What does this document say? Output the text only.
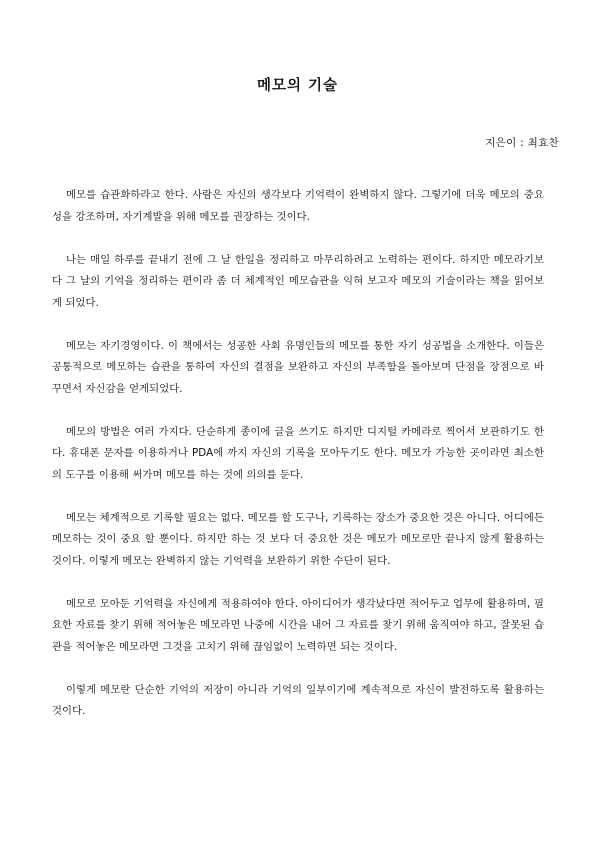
메모의 기술
지은이 : 최효찬

메모를 습관화하라고 한다. 사람은 자신의 생각보다 기억력이 완벽하지 않다. 그렇기에 더욱 메모의 중요성을 강조하며, 자기계발을 위해 메모를 권장하는 것이다.

나는 매일 하루를 끝내기 전에 그 날 한일을 정리하고 마무리하려고 노력하는 편이다. 하지만 메모라기보다 그 날의 기억을 정리하는 편이라 좀 더 체계적인 메모습관을 익혀 보고자 메모의 기술이라는 책을 읽어보게 되었다.

메모는 자기경영이다. 이 책에서는 성공한 사회 유명인들의 메모를 통한 자기 성공법을 소개한다. 이들은 공통적으로 메모하는 습관을 통하여 자신의 결점을 보완하고 자신의 부족함을 돌아보며 단점을 장점으로 바꾸면서 자신감을 얻게되었다.

메모의 방법은 여러 가지다. 단순하게 종이에 글을 쓰기도 하지만 디지털 카메라로 찍어서 보관하기도 한다. 휴대폰 문자를 이용하거나 PDA에 까지 자신의 기록을 모아두기도 한다. 메모가 가능한 곳이라면 최소한의 도구를 이용해 써가며 메모를 하는 것에 의의를 둔다.

메모는 체계적으로 기록할 필요는 없다. 메모를 할 도구나, 기록하는 장소가 중요한 것은 아니다. 어디에든 메모하는 것이 중요 할 뿐이다. 하지만 하는 것 보다 더 중요한 것은 메모가 메모로만 끝나지 않게 활용하는 것이다. 이렇게 메모는 완벽하지 않는 기억력을 보완하기 위한 수단이 된다.

메모로 모아둔 기억력을 자신에게 적용하여야 한다. 아이디어가 생각났다면 적어두고 업무에 활용하며, 필요한 자료를 찾기 위해 적어놓은 메모라면 나중에 시간을 내어 그 자료를 찾기 위해 움직여야 하고, 잘못된 습관을 적어놓은 메모라면 그것을 고치기 위해 끊임없이 노력하면 되는 것이다.

이렇게 메모란 단순한 기억의 저장이 아니라 기억의 일부이기에 계속적으로 자신이 발전하도록 활용하는 것이다.
